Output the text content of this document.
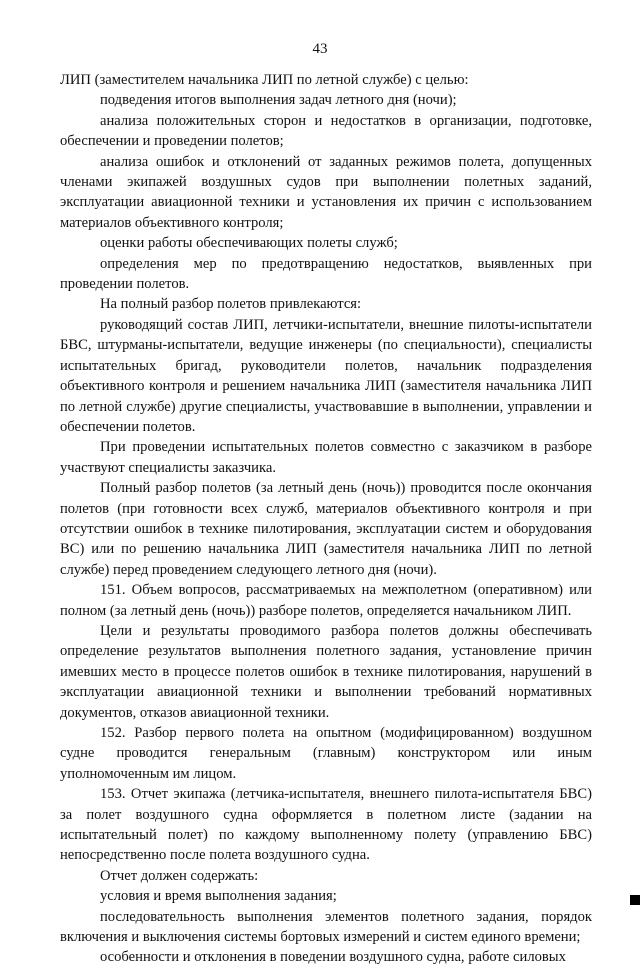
43

ЛИП (заместителем начальника ЛИП по летной службе) с целью:

подведения итогов выполнения задач летного дня (ночи);

анализа положительных сторон и недостатков в организации, подготовке, обеспечении и проведении полетов;

анализа ошибок и отклонений от заданных режимов полета, допущенных членами экипажей воздушных судов при выполнении полетных заданий, эксплуатации авиационной техники и установления их причин с использованием материалов объективного контроля;

оценки работы обеспечивающих полеты служб;

определения мер по предотвращению недостатков, выявленных при проведении полетов.

На полный разбор полетов привлекаются:

руководящий состав ЛИП, летчики-испытатели, внешние пилоты-испытатели БВС, штурманы-испытатели, ведущие инженеры (по специальности), специалисты испытательных бригад, руководители полетов, начальник подразделения объективного контроля и решением начальника ЛИП (заместителя начальника ЛИП по летной службе) другие специалисты, участвовавшие в выполнении, управлении и обеспечении полетов.

При проведении испытательных полетов совместно с заказчиком в разборе участвуют специалисты заказчика.

Полный разбор полетов (за летный день (ночь)) проводится после окончания полетов (при готовности всех служб, материалов объективного контроля и при отсутствии ошибок в технике пилотирования, эксплуатации систем и оборудования ВС) или по решению начальника ЛИП (заместителя начальника ЛИП по летной службе) перед проведением следующего летного дня (ночи).

151. Объем вопросов, рассматриваемых на межполетном (оперативном) или полном (за летный день (ночь)) разборе полетов, определяется начальником ЛИП.

Цели и результаты проводимого разбора полетов должны обеспечивать определение результатов выполнения полетного задания, установление причин имевших место в процессе полетов ошибок в технике пилотирования, нарушений в эксплуатации авиационной техники и выполнении требований нормативных документов, отказов авиационной техники.

152. Разбор первого полета на опытном (модифицированном) воздушном судне проводится генеральным (главным) конструктором или иным уполномоченным им лицом.

153. Отчет экипажа (летчика-испытателя, внешнего пилота-испытателя БВС) за полет воздушного судна оформляется в полетном листе (задании на испытательный полет) по каждому выполненному полету (управлению БВС) непосредственно после полета воздушного судна.

Отчет должен содержать:

условия и время выполнения задания;

последовательность выполнения элементов полетного задания, порядок включения и выключения системы бортовых измерений и систем единого времени;

особенности и отклонения в поведении воздушного судна, работе силовых
